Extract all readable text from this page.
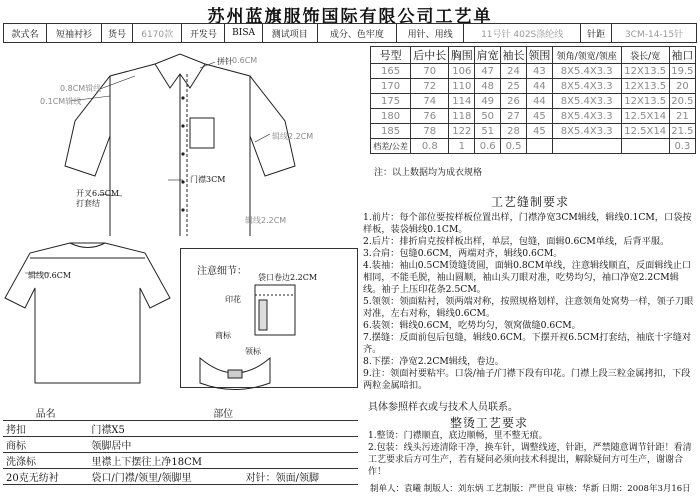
苏州蓝旗服饰国际有限公司工艺单
款式名	短袖衬衫	货号	6170款	开发号	BISA	测试项目	成分、色牢度	用针、用线	11号针 402S涤纶线	针距	3CM-14-15针
拼针 0.6CM
0.8CM辑线
0.1CM辑线
辑线2.2CM
门襟3CM
辑线2.2CM
开叉6.5CM
打套结
辑线0.6CM	注意细节：
袋口卷边2.2CM
印花
商标
领标
号型	后中长	胸围	肩宽	袖长	领围	领角/领宽/领座	袋长/宽	袖口
165	70	106	47	24	43	8X5.4X3.3	12X13.5	19.5
170	72	110	48	25	44	8X5.4X3.3	12X13.5	20
175	74	114	49	26	44	8X5.4X3.3	12X13.5	20.5
180	76	118	50	27	45	8X5.4X3.3	12.5X14	21
185	78	122	51	28	45	8X5.4X3.3	12.5X14	21.5
档差/公差	0.8	1	0.6	0.5				0.3
注：以上数据均为成衣规格
工艺缝制要求

1.前片：每个部位要按样板位置出样，门襟净宽3CM辑线，辑线0.1CM，口袋按样板，装袋辑线0.1CM。

2.后片：排折肩克按样板出样，单层，包缝，面辑0.6CM单线，后背平服。

3.合肩：包缝0.6CM，两端对齐，辑线0.6CM。

4.装袖：袖山0.5CM烫缝烫圆，面辑0.8CM单线，注意辑线顺直，反面辑线止口相同，不能毛脱，袖山圆顺，袖山头刀眼对准，吃势均匀，袖口净宽2.2CM辑线。袖子上压印花条2.5CM。

5.领领：领面粘衬，领两端对称，按照规格划样，注意领角处窝势一样，领子刀眼对准，左右对称，辑线0.6CM。

6.装领：辑线0.6CM，吃势均匀，领窝做缝0.6CM。

7.摆缝：反面前包后包缝，辑线0.6CM。下摆开衩6.5CM打套结，袖底十字缝对齐。

8.下摆：净宽2.2CM辑线，卷边。

9.注：领面衬要粘牢。口袋/袖子/门襟下段有印花。门襟上段三粒金属拷扣，下段两粒金属暗扣。

具体参照样衣或与技术人员联系。
整烫工艺要求

1.整烫：门襟顺直，底边顺畅，里不整无痕。

2.包装：线头污迹清除干净，换车针，调整线迹，针距，严禁随意调节针距！看清工艺要求后方可生产，若有疑问必须向技术科提出，解除疑问方可生产，谢谢合作！

制单人：袁曦 制版人：刘东炳 工艺制版：严世良 审核：华新 日期：2008年3月16日
品名	部位	
拷扣	门襟X5	
商标	领脚居中	
洗涤标	里襟上下摆往上净18CM	
20克无纺衬	袋口/门襟/领里/领脚里	对针：领面/领脚
